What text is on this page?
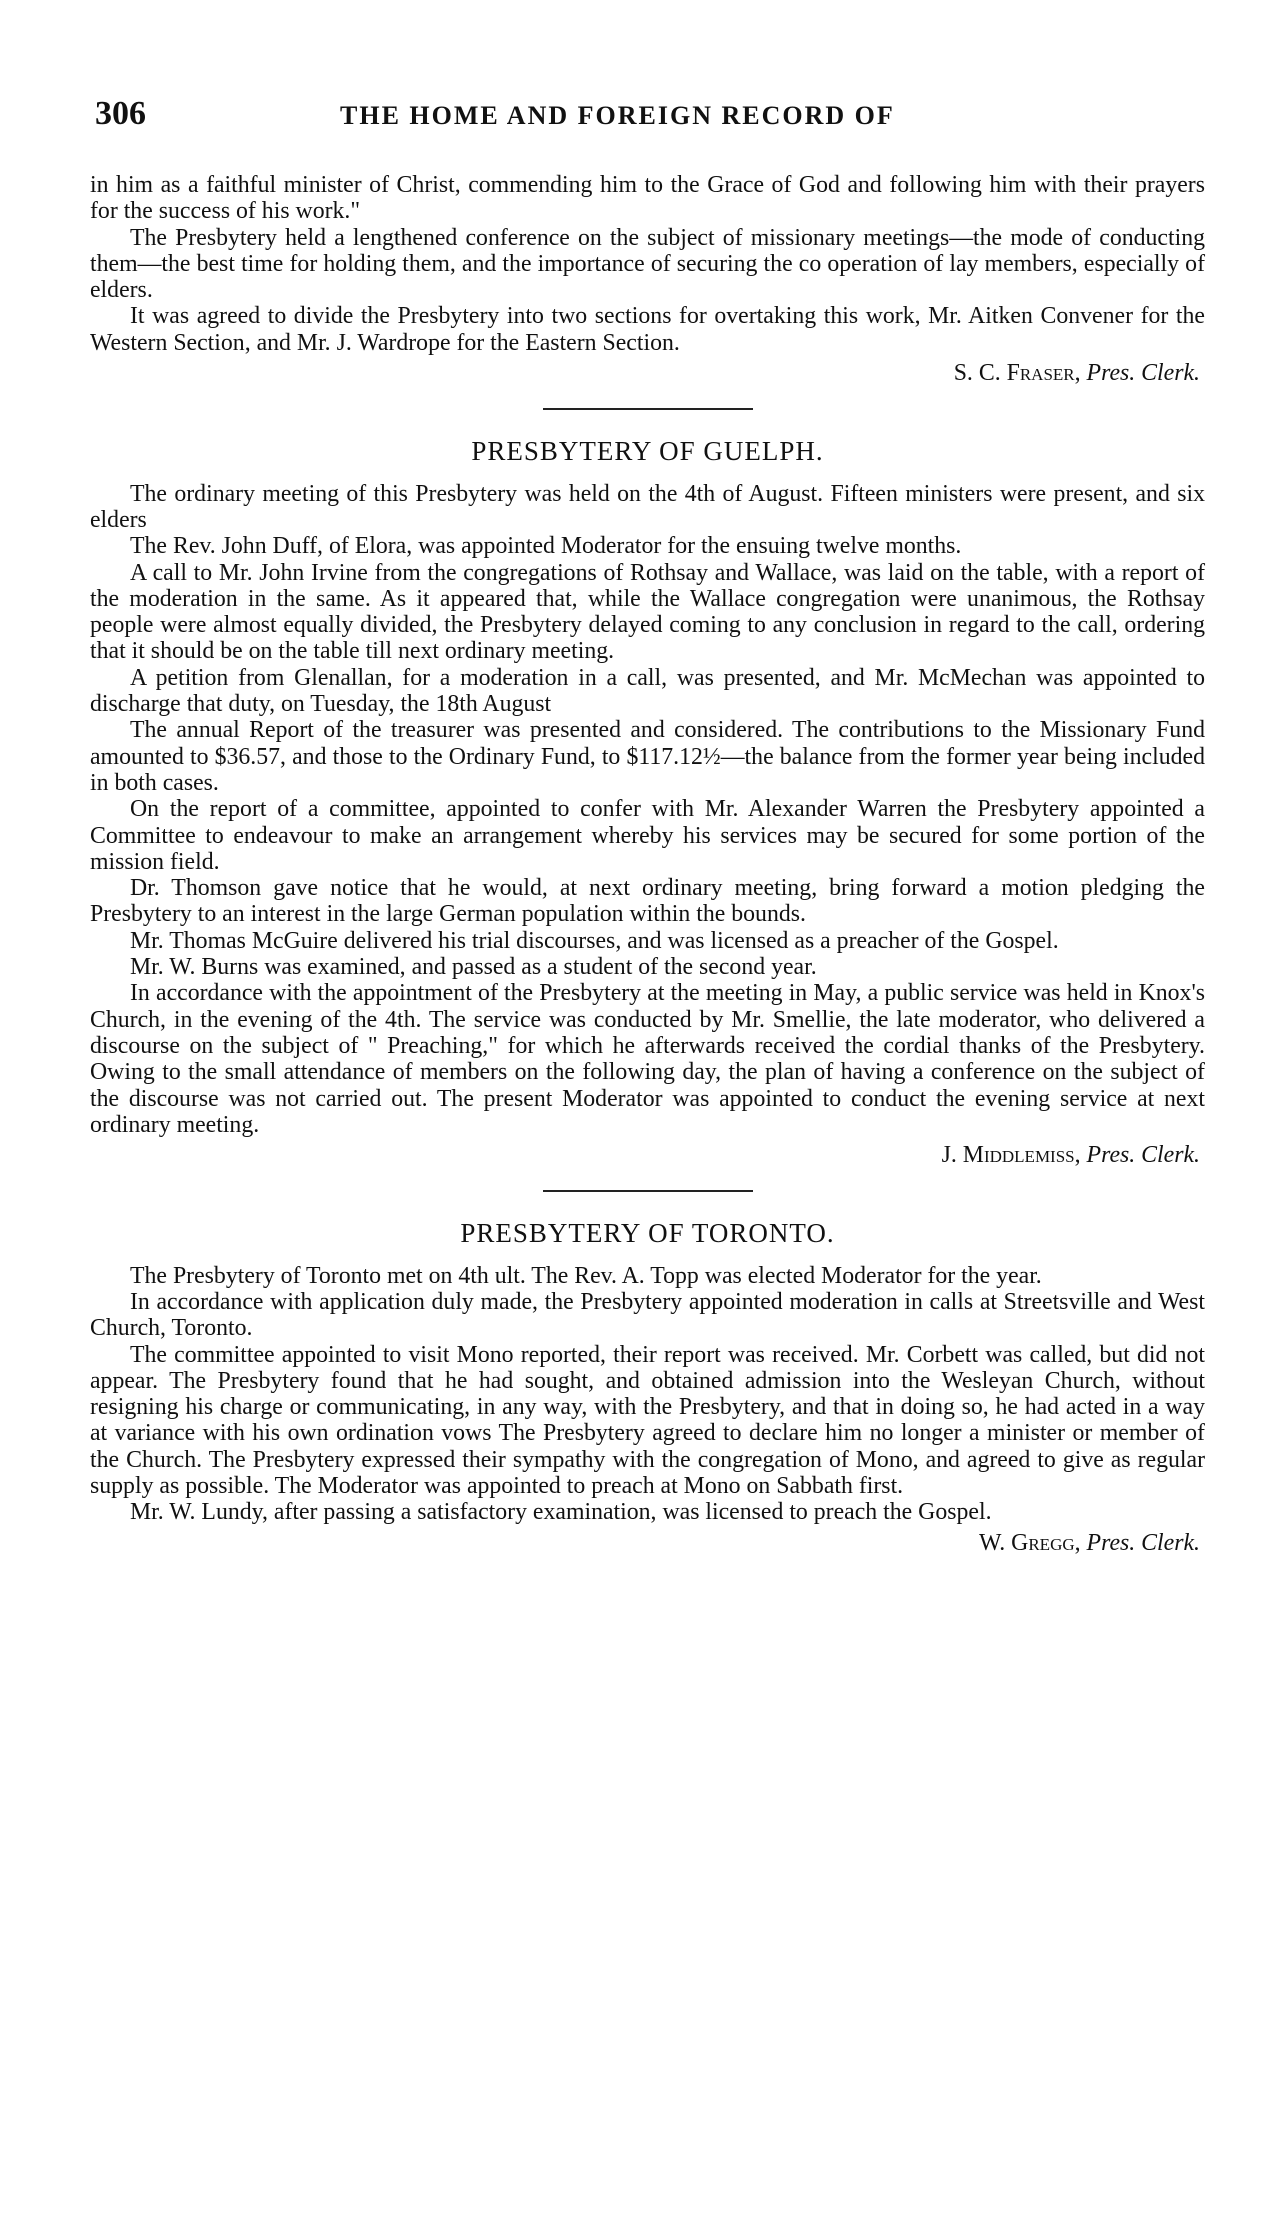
306	THE HOME AND FOREIGN RECORD OF

in him as a faithful minister of Christ, commending him to the Grace of God and following him with their prayers for the success of his work."

The Presbytery held a lengthened conference on the subject of missionary meetings—the mode of conducting them—the best time for holding them, and the importance of securing the co operation of lay members, especially of elders.

It was agreed to divide the Presbytery into two sections for overtaking this work, Mr. Aitken Convener for the Western Section, and Mr. J. Wardrope for the Eastern Section.

S. C. Fraser, Pres. Clerk.
PRESBYTERY OF GUELPH.

The ordinary meeting of this Presbytery was held on the 4th of August. Fifteen ministers were present, and six elders

The Rev. John Duff, of Elora, was appointed Moderator for the ensuing twelve months.

A call to Mr. John Irvine from the congregations of Rothsay and Wallace, was laid on the table, with a report of the moderation in the same. As it appeared that, while the Wallace congregation were unanimous, the Rothsay people were almost equally divided, the Presbytery delayed coming to any conclusion in regard to the call, ordering that it should be on the table till next ordinary meeting.

A petition from Glenallan, for a moderation in a call, was presented, and Mr. McMechan was appointed to discharge that duty, on Tuesday, the 18th August

The annual Report of the treasurer was presented and considered. The contributions to the Missionary Fund amounted to $36.57, and those to the Ordinary Fund, to $117.12½—the balance from the former year being included in both cases.

On the report of a committee, appointed to confer with Mr. Alexander Warren the Presbytery appointed a Committee to endeavour to make an arrangement whereby his services may be secured for some portion of the mission field.

Dr. Thomson gave notice that he would, at next ordinary meeting, bring forward a motion pledging the Presbytery to an interest in the large German population within the bounds.

Mr. Thomas McGuire delivered his trial discourses, and was licensed as a preacher of the Gospel.

Mr. W. Burns was examined, and passed as a student of the second year.

In accordance with the appointment of the Presbytery at the meeting in May, a public service was held in Knox's Church, in the evening of the 4th. The service was conducted by Mr. Smellie, the late moderator, who delivered a discourse on the subject of " Preaching," for which he afterwards received the cordial thanks of the Presbytery. Owing to the small attendance of members on the following day, the plan of having a conference on the subject of the discourse was not carried out. The present Moderator was appointed to conduct the evening service at next ordinary meeting.

J. Middlemiss, Pres. Clerk.
PRESBYTERY OF TORONTO.

The Presbytery of Toronto met on 4th ult. The Rev. A. Topp was elected Moderator for the year.

In accordance with application duly made, the Presbytery appointed moderation in calls at Streetsville and West Church, Toronto.

The committee appointed to visit Mono reported, their report was received. Mr. Corbett was called, but did not appear. The Presbytery found that he had sought, and obtained admission into the Wesleyan Church, without resigning his charge or communicating, in any way, with the Presbytery, and that in doing so, he had acted in a way at variance with his own ordination vows The Presbytery agreed to declare him no longer a minister or member of the Church. The Presbytery expressed their sympathy with the congregation of Mono, and agreed to give as regular supply as possible. The Moderator was appointed to preach at Mono on Sabbath first.

Mr. W. Lundy, after passing a satisfactory examination, was licensed to preach the Gospel.

W. Gregg, Pres. Clerk.
